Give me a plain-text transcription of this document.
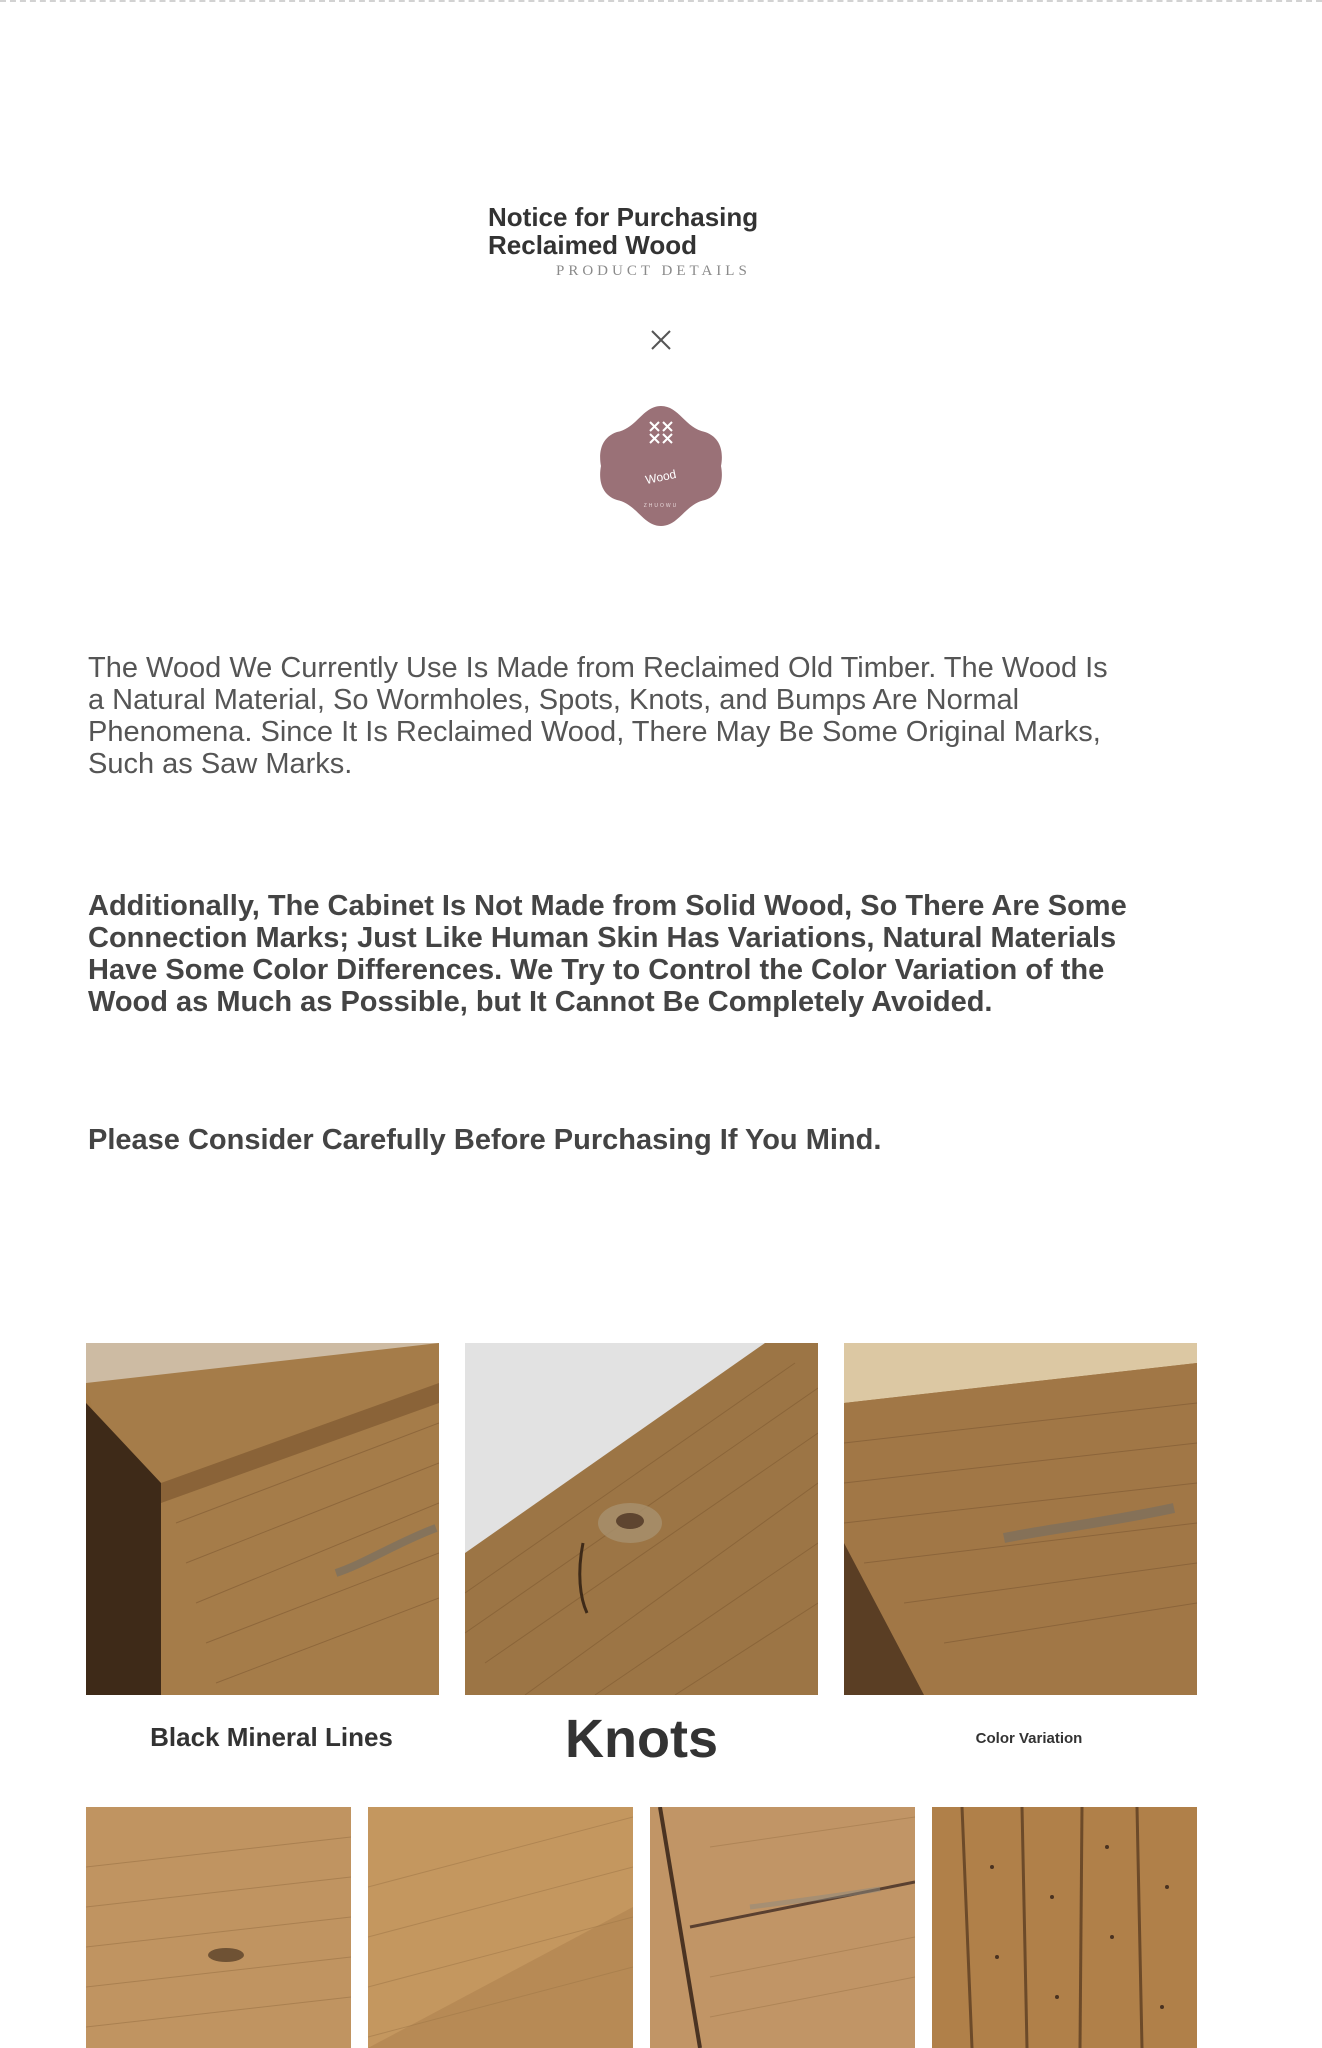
Notice for Purchasing Reclaimed Wood
PRODUCT DETAILS
Wood
ZHUOWU

The Wood We Currently Use Is Made from Reclaimed Old Timber. The Wood Is a Natural Material, So Wormholes, Spots, Knots, and Bumps Are Normal Phenomena. Since It Is Reclaimed Wood, There May Be Some Original Marks, Such as Saw Marks.

Additionally, The Cabinet Is Not Made from Solid Wood, So There Are Some Connection Marks; Just Like Human Skin Has Variations, Natural Materials Have Some Color Differences. We Try to Control the Color Variation of the Wood as Much as Possible, but It Cannot Be Completely Avoided.

Please Consider Carefully Before Purchasing If You Mind.

Black Mineral Lines	Knots	Color Variation
